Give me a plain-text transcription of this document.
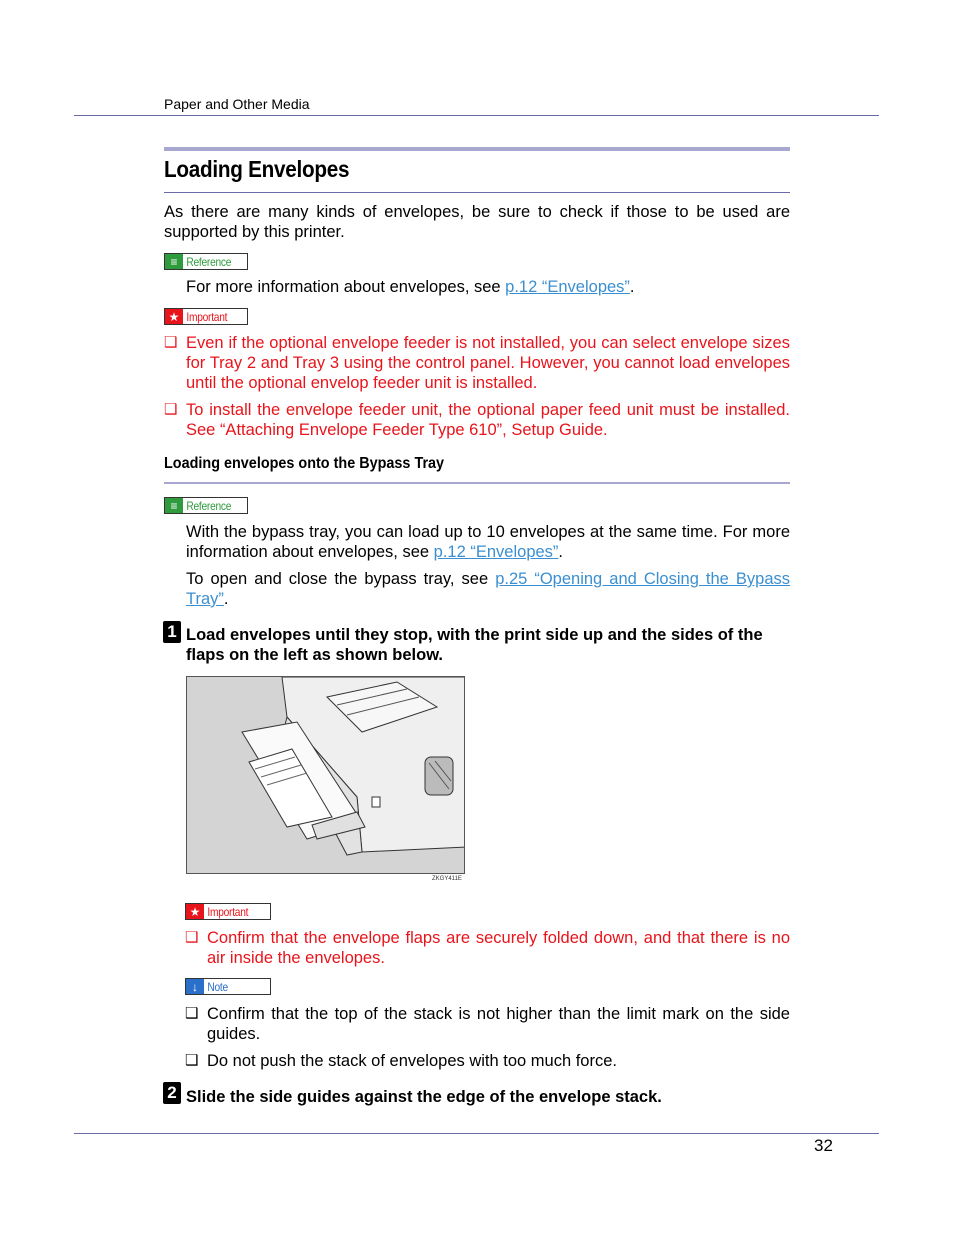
Paper and Other Media
Loading Envelopes
As there are many kinds of envelopes, be sure to check if those to be used are supported by this printer.
≡ Reference
For more information about envelopes, see p.12 “Envelopes”.
★ Important
❑ Even if the optional envelope feeder is not installed, you can select envelope sizes for Tray 2 and Tray 3 using the control panel. However, you cannot load envelopes until the optional envelop feeder unit is installed.
❑ To install the envelope feeder unit, the optional paper feed unit must be installed. See “Attaching Envelope Feeder Type 610”, Setup Guide.
Loading envelopes onto the Bypass Tray
≡ Reference
With the bypass tray, you can load up to 10 envelopes at the same time. For more information about envelopes, see p.12 “Envelopes”.
To open and close the bypass tray, see p.25 “Opening and Closing the Bypass Tray”.
1 Load envelopes until they stop, with the print side up and the sides of the flaps on the left as shown below.
ZKGY411E
★ Important
❑ Confirm that the envelope flaps are securely folded down, and that there is no air inside the envelopes.
↓ Note
❑ Confirm that the top of the stack is not higher than the limit mark on the side guides.
❑ Do not push the stack of envelopes with too much force.
2 Slide the side guides against the edge of the envelope stack.
32
